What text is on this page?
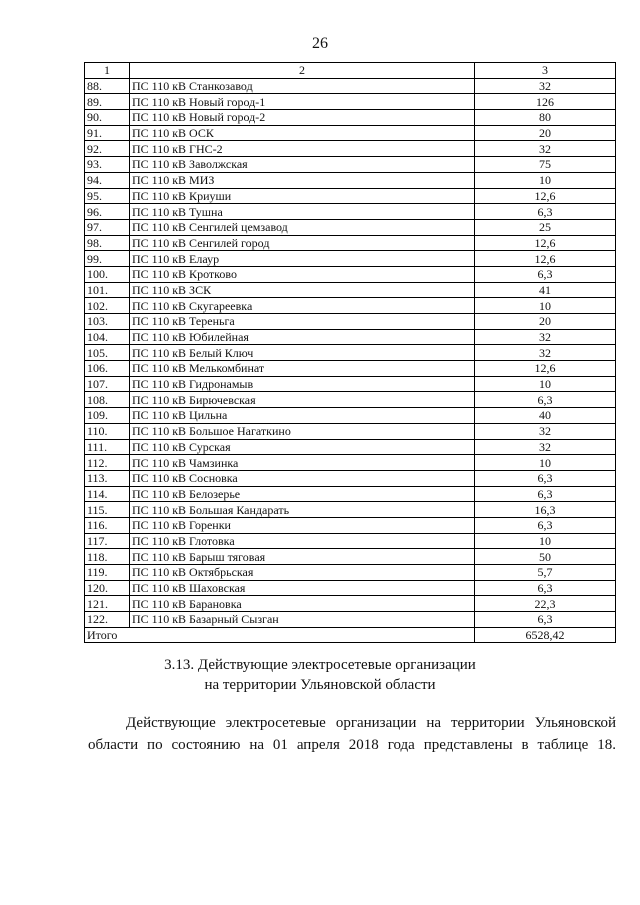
26
1	2	3
88.	ПС 110 кВ Станкозавод	32
89.	ПС 110 кВ Новый город-1	126
90.	ПС 110 кВ Новый город-2	80
91.	ПС 110 кВ ОСК	20
92.	ПС 110 кВ ГНС-2	32
93.	ПС 110 кВ Заволжская	75
94.	ПС 110 кВ МИЗ	10
95.	ПС 110 кВ Криуши	12,6
96.	ПС 110 кВ Тушна	6,3
97.	ПС 110 кВ Сенгилей цемзавод	25
98.	ПС 110 кВ Сенгилей город	12,6
99.	ПС 110 кВ Елаур	12,6
100.	ПС 110 кВ Кротково	6,3
101.	ПС 110 кВ ЗСК	41
102.	ПС 110 кВ Скугареевка	10
103.	ПС 110 кВ Тереньга	20
104.	ПС 110 кВ Юбилейная	32
105.	ПС 110 кВ Белый Ключ	32
106.	ПС 110 кВ Мелькомбинат	12,6
107.	ПС 110 кВ Гидронамыв	10
108.	ПС 110 кВ Бирючевская	6,3
109.	ПС 110 кВ Цильна	40
110.	ПС 110 кВ Большое Нагаткино	32
111.	ПС 110 кВ Сурская	32
112.	ПС 110 кВ Чамзинка	10
113.	ПС 110 кВ Сосновка	6,3
114.	ПС 110 кВ Белозерье	6,3
115.	ПС 110 кВ Большая Кандарать	16,3
116.	ПС 110 кВ Горенки	6,3
117.	ПС 110 кВ Глотовка	10
118.	ПС 110 кВ Барыш тяговая	50
119.	ПС 110 кВ Октябрьская	5,7
120.	ПС 110 кВ Шаховская	6,3
121.	ПС 110 кВ Барановка	22,3
122.	ПС 110 кВ Базарный Сызган	6,3
Итого		6528,42
3.13. Действующие электросетевые организации
на территории Ульяновской области
Действующие электросетевые организации на территории Ульяновской
области по состоянию на 01 апреля 2018 года представлены в таблице 18.
